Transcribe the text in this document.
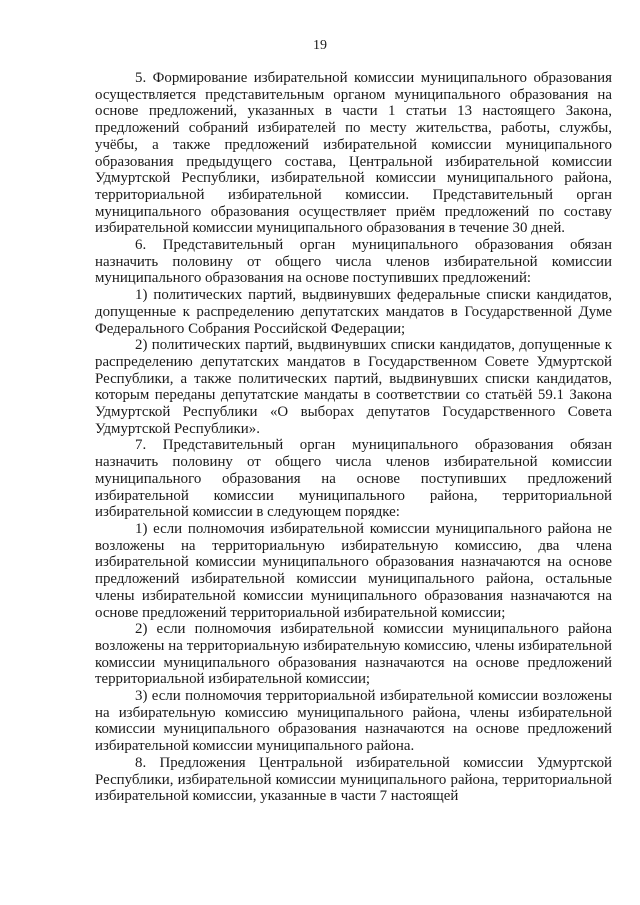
19

5. Формирование избирательной комиссии муниципального образования осуществляется представительным органом муниципального образования на основе предложений, указанных в части 1 статьи 13 настоящего Закона, предложений собраний избирателей по месту жительства, работы, службы, учёбы, а также предложений избирательной комиссии муниципального образования предыдущего состава, Центральной избирательной комиссии Удмуртской Республики, избирательной комиссии муниципального района, территориальной избирательной комиссии. Представительный орган муниципального образования осуществляет приём предложений по составу избирательной комиссии муниципального образования в течение 30 дней.

6. Представительный орган муниципального образования обязан назначить половину от общего числа членов избирательной комиссии муниципального образования на основе поступивших предложений:

1) политических партий, выдвинувших федеральные списки кандидатов, допущенные к распределению депутатских мандатов в Государственной Думе Федерального Собрания Российской Федерации;

2) политических партий, выдвинувших списки кандидатов, допущенные к распределению депутатских мандатов в Государственном Совете Удмуртской Республики, а также политических партий, выдвинувших списки кандидатов, которым переданы депутатские мандаты в соответствии со статьёй 59.1 Закона Удмуртской Республики «О выборах депутатов Государственного Совета Удмуртской Республики».

7. Представительный орган муниципального образования обязан назначить половину от общего числа членов избирательной комиссии муниципального образования на основе поступивших предложений избирательной комиссии муниципального района, территориальной избирательной комиссии в следующем порядке:

1) если полномочия избирательной комиссии муниципального района не возложены на территориальную избирательную комиссию, два члена избирательной комиссии муниципального образования назначаются на основе предложений избирательной комиссии муниципального района, остальные члены избирательной комиссии муниципального образования назначаются на основе предложений территориальной избирательной комиссии;

2) если полномочия избирательной комиссии муниципального района возложены на территориальную избирательную комиссию, члены избирательной комиссии муниципального образования назначаются на основе предложений территориальной избирательной комиссии;

3) если полномочия территориальной избирательной комиссии возложены на избирательную комиссию муниципального района, члены избирательной комиссии муниципального образования назначаются на основе предложений избирательной комиссии муниципального района.

8. Предложения Центральной избирательной комиссии Удмуртской Республики, избирательной комиссии муниципального района, территориальной избирательной комиссии, указанные в части 7 настоящей
